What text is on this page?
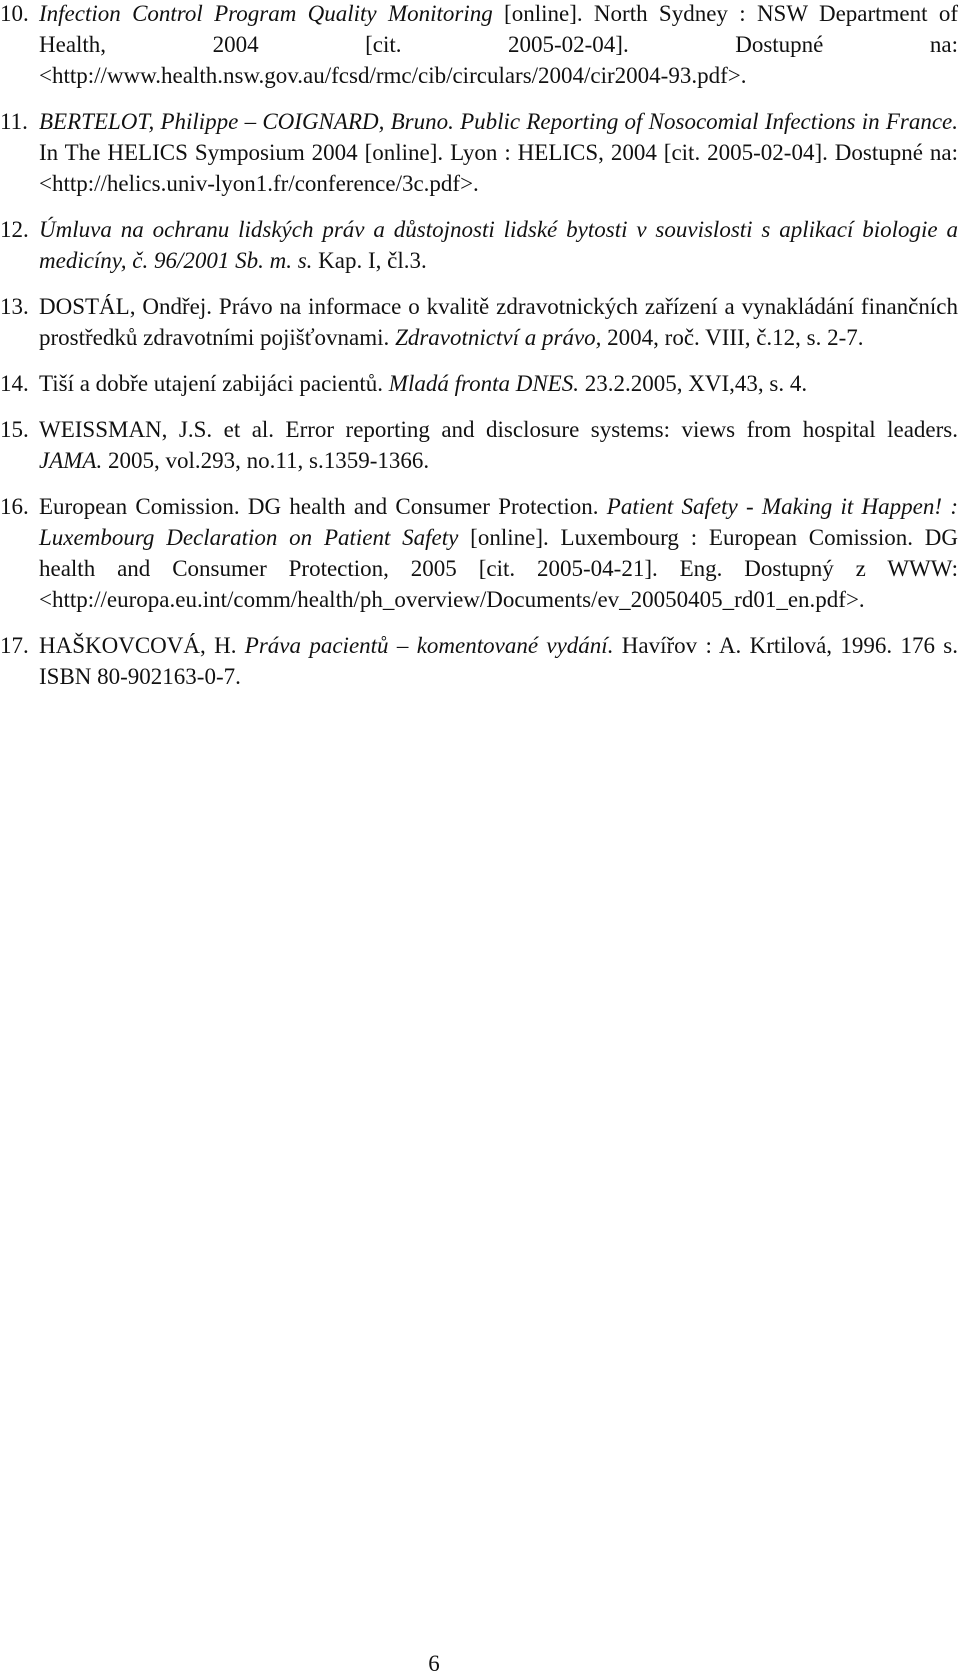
10. Infection Control Program Quality Monitoring [online]. North Sydney : NSW Department of Health, 2004 [cit. 2005-02-04]. Dostupné na: <http://www.health.nsw.gov.au/fcsd/rmc/cib/circulars/2004/cir2004-93.pdf>.
11. BERTELOT, Philippe – COIGNARD, Bruno. Public Reporting of Nosocomial Infections in France. In The HELICS Symposium 2004 [online]. Lyon : HELICS, 2004 [cit. 2005-02-04]. Dostupné na: <http://helics.univ-lyon1.fr/conference/3c.pdf>.
12. Úmluva na ochranu lidských práv a důstojnosti lidské bytosti v souvislosti s aplikací biologie a medicíny, č. 96/2001 Sb. m. s. Kap. I, čl.3.
13. DOSTÁL, Ondřej. Právo na informace o kvalitě zdravotnických zařízení a vynakládání finančních prostředků zdravotními pojišťovnami. Zdravotnictví a právo, 2004, roč. VIII, č.12, s. 2-7.
14. Tiší a dobře utajení zabijáci pacientů. Mladá fronta DNES. 23.2.2005, XVI,43, s. 4.
15. WEISSMAN, J.S. et al. Error reporting and disclosure systems: views from hospital leaders. JAMA. 2005, vol.293, no.11, s.1359-1366.
16. European Comission. DG health and Consumer Protection. Patient Safety - Making it Happen! : Luxembourg Declaration on Patient Safety [online]. Luxembourg : European Comission. DG health and Consumer Protection, 2005 [cit. 2005-04-21]. Eng. Dostupný z WWW: <http://europa.eu.int/comm/health/ph_overview/Documents/ev_20050405_rd01_en.pdf>.
17. HAŠKOVCOVÁ, H. Práva pacientů – komentované vydání. Havířov : A. Krtilová, 1996. 176 s. ISBN 80-902163-0-7.
6
